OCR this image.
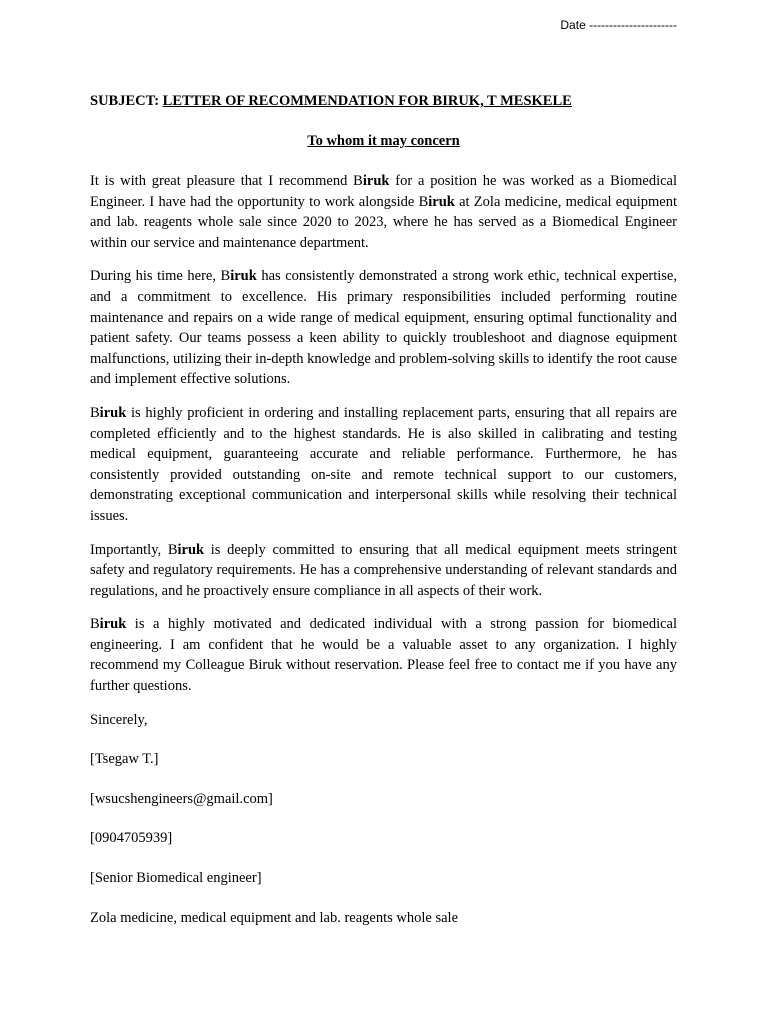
Date ----------------------
SUBJECT: LETTER OF RECOMMENDATION FOR BIRUK, T MESKELE
To whom it may concern

It is with great pleasure that I recommend Biruk for a position he was worked as a Biomedical Engineer. I have had the opportunity to work alongside Biruk at Zola medicine, medical equipment and lab. reagents whole sale since 2020 to 2023, where he has served as a Biomedical Engineer within our service and maintenance department.

During his time here, Biruk has consistently demonstrated a strong work ethic, technical expertise, and a commitment to excellence. His primary responsibilities included performing routine maintenance and repairs on a wide range of medical equipment, ensuring optimal functionality and patient safety. Our teams possess a keen ability to quickly troubleshoot and diagnose equipment malfunctions, utilizing their in-depth knowledge and problem-solving skills to identify the root cause and implement effective solutions.

Biruk is highly proficient in ordering and installing replacement parts, ensuring that all repairs are completed efficiently and to the highest standards. He is also skilled in calibrating and testing medical equipment, guaranteeing accurate and reliable performance. Furthermore, he has consistently provided outstanding on-site and remote technical support to our customers, demonstrating exceptional communication and interpersonal skills while resolving their technical issues.

Importantly, Biruk is deeply committed to ensuring that all medical equipment meets stringent safety and regulatory requirements. He has a comprehensive understanding of relevant standards and regulations, and he proactively ensure compliance in all aspects of their work.

Biruk is a highly motivated and dedicated individual with a strong passion for biomedical engineering. I am confident that he would be a valuable asset to any organization. I highly recommend my Colleague Biruk without reservation. Please feel free to contact me if you have any further questions.

Sincerely,

[Tsegaw T.]

[wsucshengineers@gmail.com]

[0904705939]

[Senior Biomedical engineer]

Zola medicine, medical equipment and lab. reagents whole sale
